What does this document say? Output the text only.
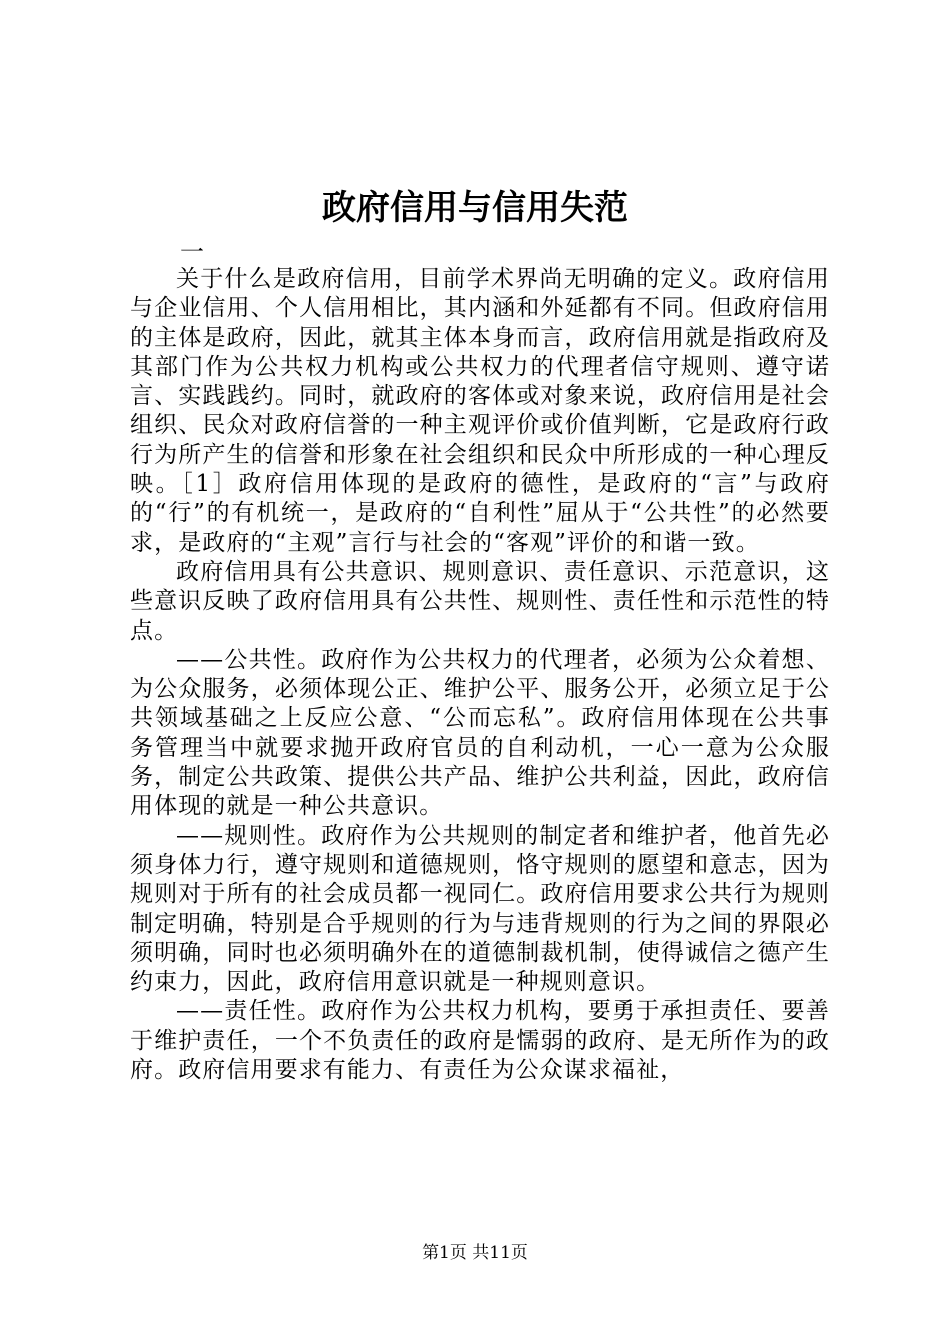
政府信用与信用失范
一

关于什么是政府信用，目前学术界尚无明确的定义。政府信用与企业信用、个人信用相比，其内涵和外延都有不同。但政府信用的主体是政府，因此，就其主体本身而言，政府信用就是指政府及其部门作为公共权力机构或公共权力的代理者信守规则、遵守诺言、实践践约。同时，就政府的客体或对象来说，政府信用是社会组织、民众对政府信誉的一种主观评价或价值判断，它是政府行政行为所产生的信誉和形象在社会组织和民众中所形成的一种心理反映。［1］政府信用体现的是政府的德性，是政府的“言”与政府的“行”的有机统一，是政府的“自利性”屈从于“公共性”的必然要求，是政府的“主观”言行与社会的“客观”评价的和谐一致。

政府信用具有公共意识、规则意识、责任意识、示范意识，这些意识反映了政府信用具有公共性、规则性、责任性和示范性的特点。

——公共性。政府作为公共权力的代理者，必须为公众着想、为公众服务，必须体现公正、维护公平、服务公开，必须立足于公共领域基础之上反应公意、“公而忘私”。政府信用体现在公共事务管理当中就要求抛开政府官员的自利动机，一心一意为公众服务，制定公共政策、提供公共产品、维护公共利益，因此，政府信用体现的就是一种公共意识。

——规则性。政府作为公共规则的制定者和维护者，他首先必须身体力行，遵守规则和道德规则，恪守规则的愿望和意志，因为规则对于所有的社会成员都一视同仁。政府信用要求公共行为规则制定明确，特别是合乎规则的行为与违背规则的行为之间的界限必须明确，同时也必须明确外在的道德制裁机制，使得诚信之德产生约束力，因此，政府信用意识就是一种规则意识。

——责任性。政府作为公共权力机构，要勇于承担责任、要善于维护责任，一个不负责任的政府是懦弱的政府、是无所作为的政府。政府信用要求有能力、有责任为公众谋求福祉，

第1页 共11页
